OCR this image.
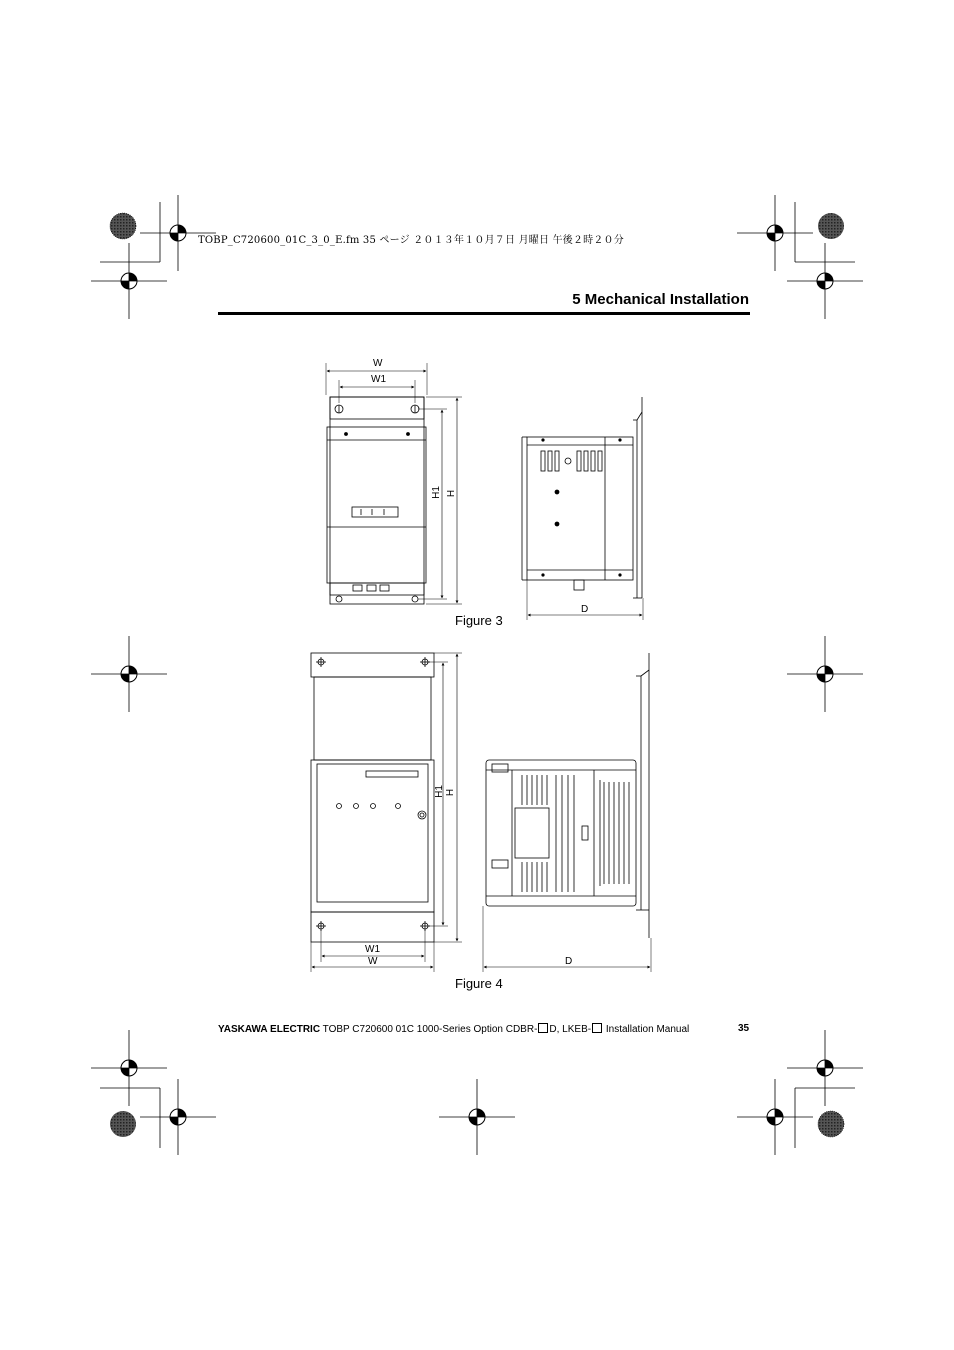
TOBP_C720600_01C_3_0_E.fm 35 ページ ２０１３年１０月７日 月曜日 午後２時２０分
5 Mechanical Installation
W
W1
H1 H
D
Figure 3
H1 H
W1
W	D
Figure 4
YASKAWA ELECTRIC TOBP C720600 01C 1000-Series Option CDBR- D, LKEB- Installation Manual	35
